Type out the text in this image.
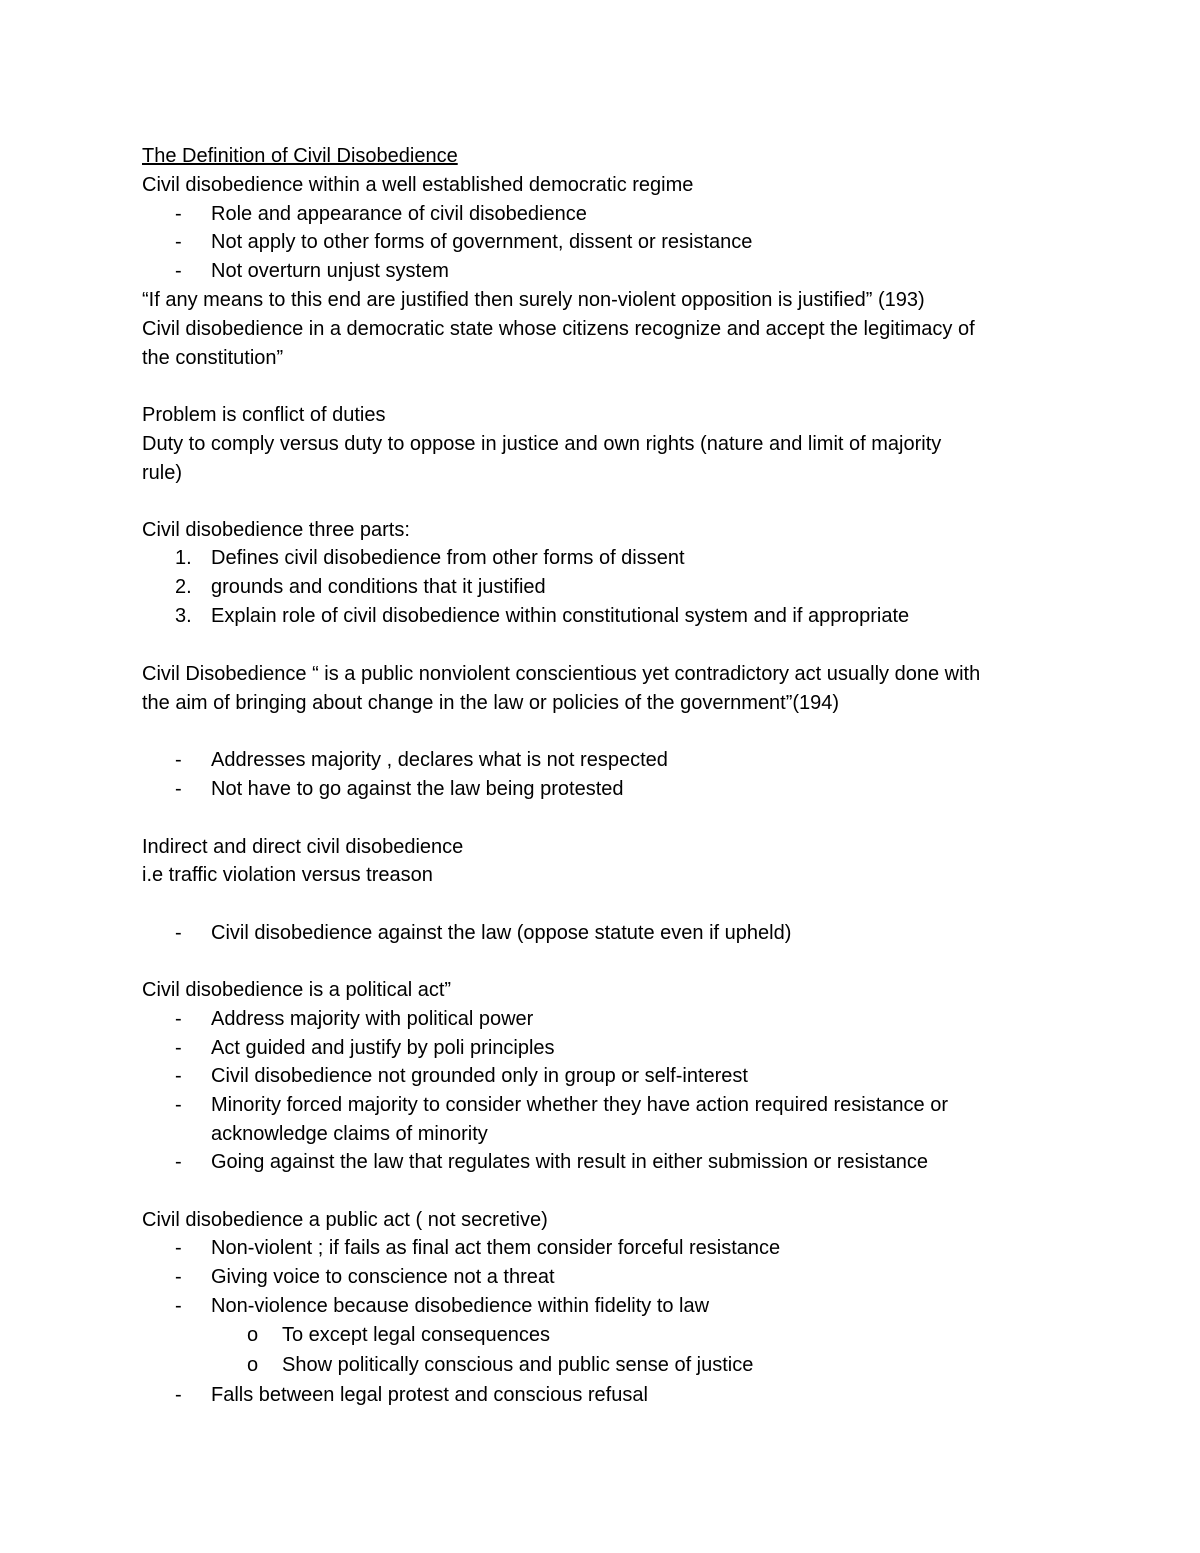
The Definition of Civil Disobedience
Civil disobedience within a well established democratic regime
- Role and appearance of civil disobedience
- Not apply to other forms of government, dissent or resistance
- Not overturn unjust system
“If any means to this end are justified then surely non-violent opposition is justified” (193)
Civil disobedience in a democratic state whose citizens recognize and accept the legitimacy of
the constitution”
Problem is conflict of duties
Duty to comply versus duty to oppose in justice and own rights (nature and limit of majority
rule)
Civil disobedience three parts:
1. Defines civil disobedience from other forms of dissent
2. grounds and conditions that it justified
3. Explain role of civil disobedience within constitutional system and if appropriate
Civil Disobedience “ is a public nonviolent conscientious yet contradictory act usually done with
the aim of bringing about change in the law or policies of the government”(194)
- Addresses majority , declares what is not respected
- Not have to go against the law being protested
Indirect and direct civil disobedience
i.e traffic violation versus treason
- Civil disobedience against the law (oppose statute even if upheld)
Civil disobedience is a political act”
- Address majority with political power
- Act guided and justify by poli principles
- Civil disobedience not grounded only in group or self-interest
- Minority forced majority to consider whether they have action required resistance or
acknowledge claims of minority
- Going against the law that regulates with result in either submission or resistance
Civil disobedience a public act ( not secretive)
- Non-violent ; if fails as final act them consider forceful resistance
- Giving voice to conscience not a threat
- Non-violence because disobedience within fidelity to law
o To except legal consequences
o Show politically conscious and public sense of justice
- Falls between legal protest and conscious refusal
